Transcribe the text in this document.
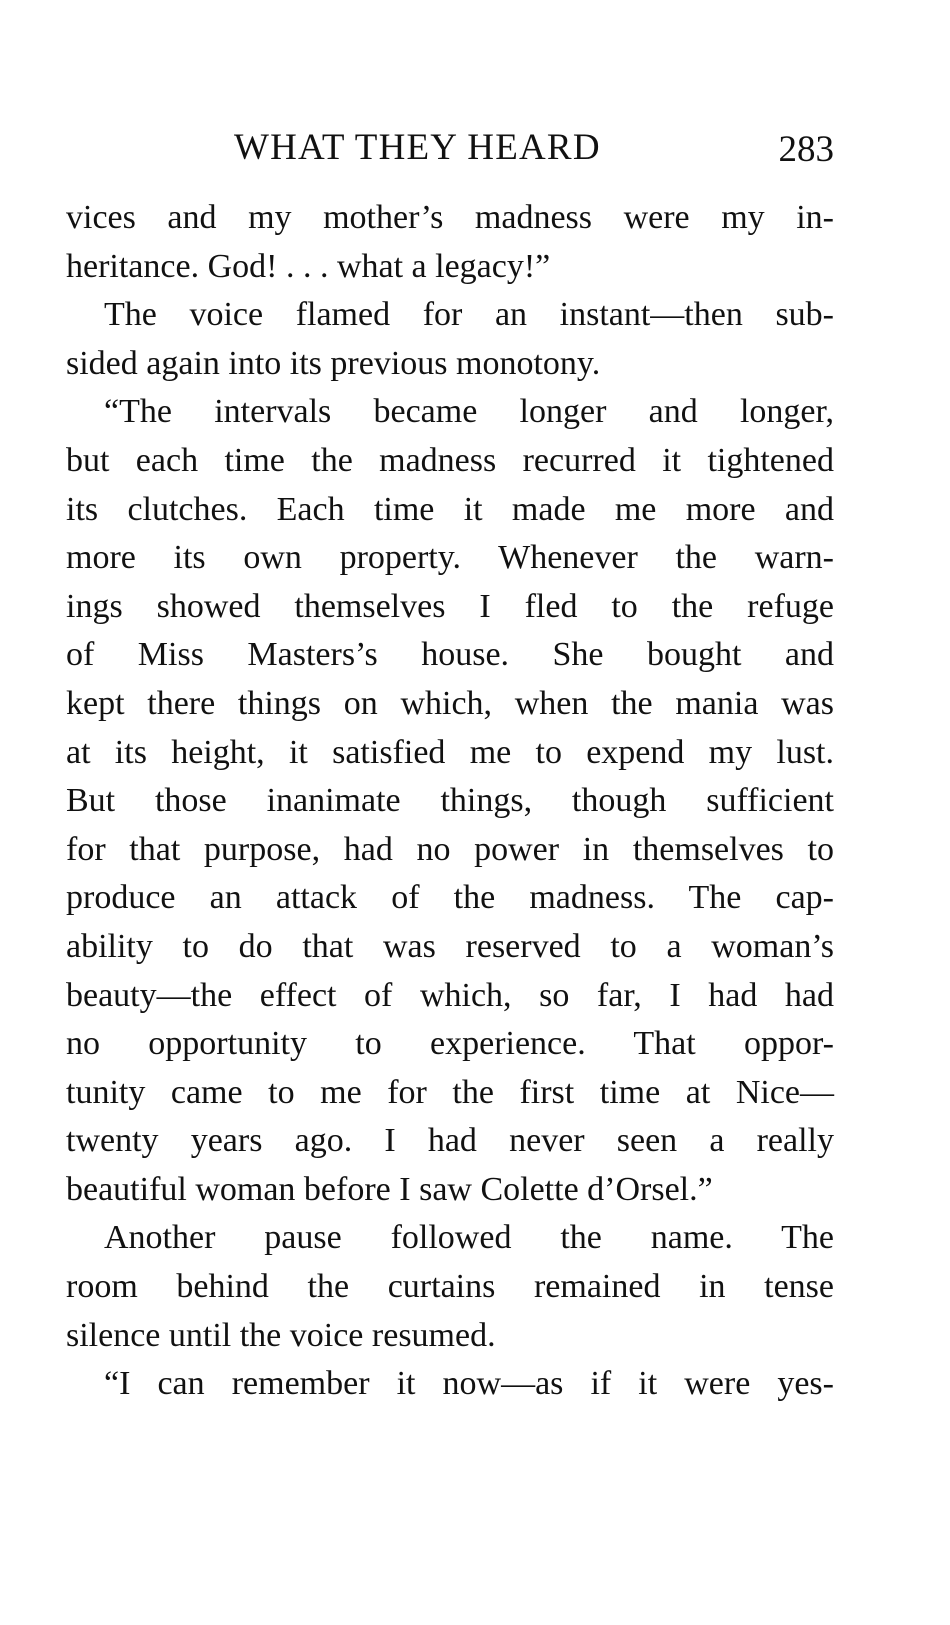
WHAT THEY HEARD	283
vices and my mother’s madness were my in-
heritance. God! . . . what a legacy!”
The voice flamed for an instant—then sub-
sided again into its previous monotony.
“The intervals became longer and longer,
but each time the madness recurred it tightened
its clutches. Each time it made me more and
more its own property. Whenever the warn-
ings showed themselves I fled to the refuge
of Miss Masters’s house. She bought and
kept there things on which, when the mania was
at its height, it satisfied me to expend my lust.
But those inanimate things, though sufficient
for that purpose, had no power in themselves to
produce an attack of the madness. The cap-
ability to do that was reserved to a woman’s
beauty—the effect of which, so far, I had had
no opportunity to experience. That oppor-
tunity came to me for the first time at Nice—
twenty years ago. I had never seen a really
beautiful woman before I saw Colette d’Orsel.”
Another pause followed the name. The
room behind the curtains remained in tense
silence until the voice resumed.
“I can remember it now—as if it were yes-
